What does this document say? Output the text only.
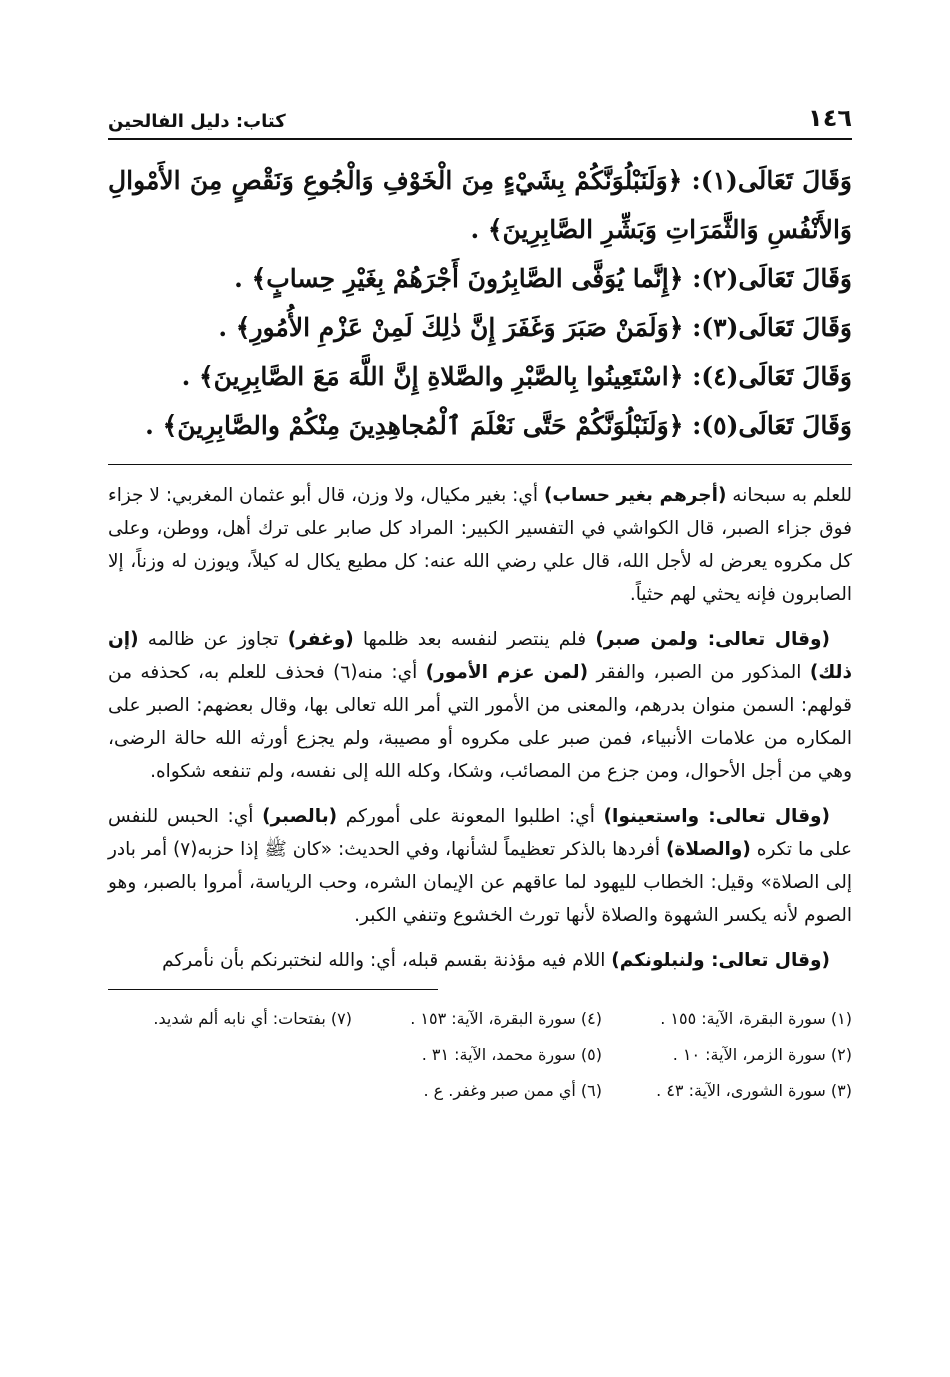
١٤٦
كتاب: دليل الفالحين
وَقَالَ تَعَالَى(١): ﴿وَلَنَبْلُوَنَّكُمْ بِشَيْءٍ مِنَ الْخَوْفِ وَالْجُوعِ وَنَقْصٍ مِنَ الأَمْوالِ وَالأَنْفُسِ وَالثَّمَرَاتِ وَبَشِّرِ الصَّابِرِينَ﴾ .
وَقَالَ تَعَالَى(٢): ﴿إِنَّما يُوَفَّى الصَّابِرُونَ أَجْرَهُمْ بِغَيْرِ حِسابٍ﴾ .
وَقَالَ تَعَالَى(٣): ﴿وَلَمَنْ صَبَرَ وَغَفَرَ إِنَّ ذٰلِكَ لَمِنْ عَزْمِ الأُمُورِ﴾ .
وَقَالَ تَعَالَى(٤): ﴿اسْتَعِينُوا بِالصَّبْرِ والصَّلاةِ إِنَّ اللَّهَ مَعَ الصَّابِرِينَ﴾ .
وَقَالَ تَعَالَى(٥): ﴿وَلَنَبْلُوَنَّكُمْ حَتَّى نَعْلَمَ ٱلْمُجاهِدِينَ مِنْكُمْ والصَّابِرِينَ﴾ .

للعلم به سبحانه (أجرهم بغير حساب) أي: بغير مكيال، ولا وزن، قال أبو عثمان المغربي: لا جزاء فوق جزاء الصبر، قال الكواشي في التفسير الكبير: المراد كل صابر على ترك أهل، ووطن، وعلى كل مكروه يعرض له لأجل الله، قال علي رضي الله عنه: كل مطيع يكال له كيلاً، ويوزن له وزناً، إلا الصابرون فإنه يحثي لهم حثياً.

(وقال تعالى: ولمن صبر) فلم ينتصر لنفسه بعد ظلمها (وغفر) تجاوز عن ظالمه (إن ذلك) المذكور من الصبر، والفقر (لمن عزم الأمور) أي: منه(٦) فحذف للعلم به، كحذفه من قولهم: السمن منوان بدرهم، والمعنى من الأمور التي أمر الله تعالى بها، وقال بعضهم: الصبر على المكاره من علامات الأنبياء، فمن صبر على مكروه أو مصيبة، ولم يجزع أورثه الله حالة الرضى، وهي من أجل الأحوال، ومن جزع من المصائب، وشكا، وكله الله إلى نفسه، ولم تنفعه شكواه.

(وقال تعالى: واستعينوا) أي: اطلبوا المعونة على أموركم (بالصبر) أي: الحبس للنفس على ما تكره (والصلاة) أفردها بالذكر تعظيماً لشأنها، وفي الحديث: «كان ﷺ إذا حزبه(٧) أمر بادر إلى الصلاة» وقيل: الخطاب لليهود لما عاقهم عن الإيمان الشره، وحب الرياسة، أمروا بالصبر، وهو الصوم لأنه يكسر الشهوة والصلاة لأنها تورث الخشوع وتنفي الكبر.

(وقال تعالى: ولنبلونكم) اللام فيه مؤذنة بقسم قبله، أي: والله لنختبرنكم بأن نأمركم

(١) سورة البقرة، الآية: ١٥٥ .
(٤) سورة البقرة، الآية: ١٥٣ .
(٧) بفتحات: أي نابه ألم شديد.
(٢) سورة الزمر، الآية: ١٠ .
(٥) سورة محمد، الآية: ٣١ .
(٣) سورة الشورى، الآية: ٤٣ .
(٦) أي ممن صبر وغفر. ع .
